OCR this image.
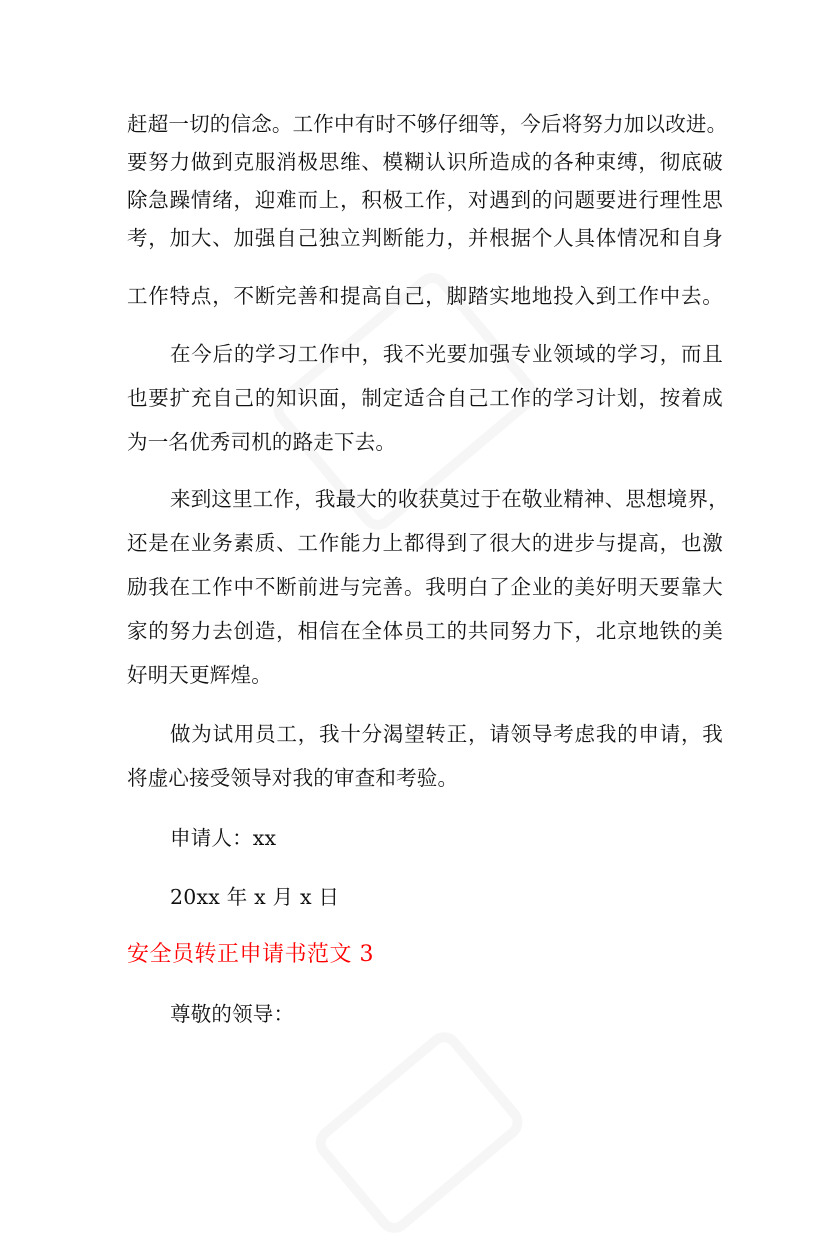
赶超一切的信念。工作中有时不够仔细等，今后将努力加以改进。
要努力做到克服消极思维、模糊认识所造成的各种束缚，彻底破
除急躁情绪，迎难而上，积极工作，对遇到的问题要进行理性思
考，加大、加强自己独立判断能力，并根据个人具体情况和自身
工作特点，不断完善和提高自己，脚踏实地地投入到工作中去。
在今后的学习工作中，我不光要加强专业领域的学习，而且
也要扩充自己的知识面，制定适合自己工作的学习计划，按着成
为一名优秀司机的路走下去。
来到这里工作，我最大的收获莫过于在敬业精神、思想境界，
还是在业务素质、工作能力上都得到了很大的进步与提高，也激
励我在工作中不断前进与完善。我明白了企业的美好明天要靠大
家的努力去创造，相信在全体员工的共同努力下，北京地铁的美
好明天更辉煌。
做为试用员工，我十分渴望转正，请领导考虑我的申请，我
将虚心接受领导对我的审查和考验。
申请人：xx
20xx 年 x 月 x 日
尊敬的领导：
安全员转正申请书范文 3
